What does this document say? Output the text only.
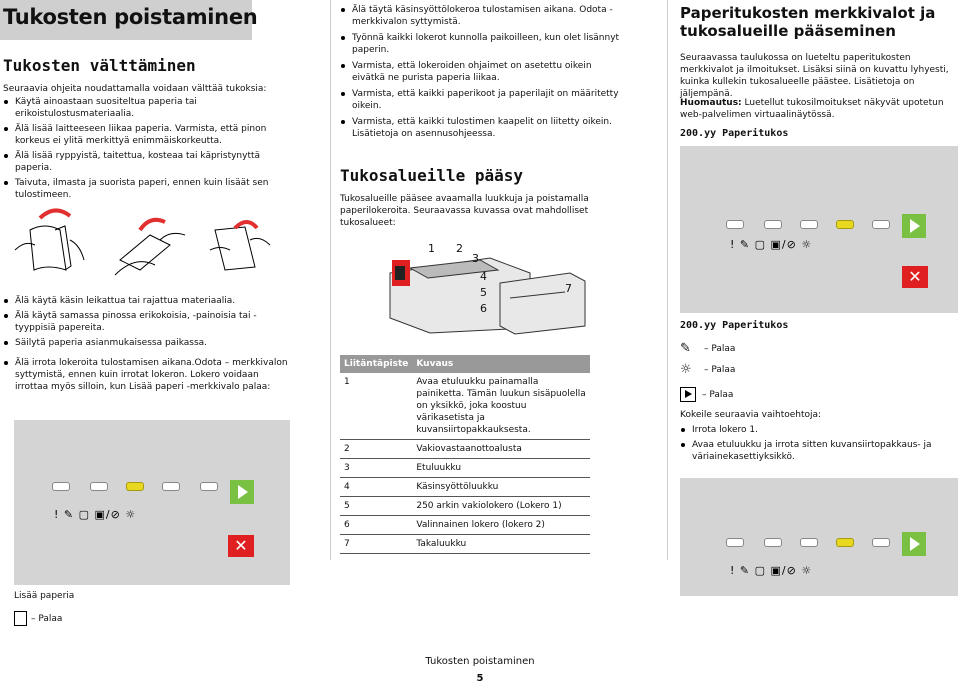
Tukosten poistaminen
Tukosten välttäminen
Seuraavia ohjeita noudattamalla voidaan välttää tukoksia:
Käytä ainoastaan suositeltua paperia tai erikoistulostusmateriaalia.
Älä lisää laitteeseen liikaa paperia. Varmista, että pinon korkeus ei ylitä merkittyä enimmäiskorkeutta.
Älä lisää ryppyistä, taitettua, kosteaa tai käpristynyttä paperia.
Taivuta, ilmasta ja suorista paperi, ennen kuin lisäät sen tulostimeen.
Älä käytä käsin leikattua tai rajattua materiaalia.
Älä käytä samassa pinossa erikokoisia, -painoisia tai -tyyppisiä papereita.
Säilytä paperia asianmukaisessa paikassa.
Älä irrota lokeroita tulostamisen aikana.Odota – merkkivalon syttymistä, ennen kuin irrotat lokeron. Lokero voidaan irrottaa myös silloin, kun Lisää paperi -merkkivalo palaa:
! ✎ ▢ ▣/⊘ ☼
✕
Lisää paperia
– Palaa
Älä täytä käsinsyöttölokeroa tulostamisen aikana. Odota - merkkivalon syttymistä.
Työnnä kaikki lokerot kunnolla paikoilleen, kun olet lisännyt paperin.
Varmista, että lokeroiden ohjaimet on asetettu oikein eivätkä ne purista paperia liikaa.
Varmista, että kaikki paperikoot ja paperilajit on määritetty oikein.
Varmista, että kaikki tulostimen kaapelit on liitetty oikein. Lisätietoja on asennusohjeessa.
Tukosalueille pääsy
Tukosalueille pääsee avaamalla luukkuja ja poistamalla paperilokeroita. Seuraavassa kuvassa ovat mahdolliset tukosalueet:
1 2
3
4
5
6
7
Liitäntäpiste	Kuvaus
1	Avaa etuluukku painamalla painiketta. Tämän luukun sisäpuolella on yksikkö, joka koostuu värikasetista ja kuvansiirtopakkauksesta.
2	Vakiovastaanottoalusta
3	Etuluukku
4	Käsinsyöttöluukku
5	250 arkin vakiolokero (Lokero 1)
6	Valinnainen lokero (lokero 2)
7	Takaluukku
Paperitukosten merkkivalot ja tukosalueille pääseminen
Seuraavassa taulukossa on lueteltu paperitukosten merkkivalot ja ilmoitukset. Lisäksi siinä on kuvattu lyhyesti, kuinka kullekin tukosalueelle päästee. Lisätietoja on jäljempänä.
Huomautus: Luetellut tukosilmoitukset näkyvät upotetun web-palvelimen virtuaalinäytössä.
200.yy Paperitukos
! ✎ ▢ ▣/⊘ ☼
✕
200.yy Paperitukos
✎	– Palaa
☼	– Palaa
– Palaa
Kokeile seuraavia vaihtoehtoja:
Irrota lokero 1.
Avaa etuluukku ja irrota sitten kuvansiirtopakkaus- ja väriainekasettiyksikkö.
! ✎ ▢ ▣/⊘ ☼
Tukosten poistaminen
5
